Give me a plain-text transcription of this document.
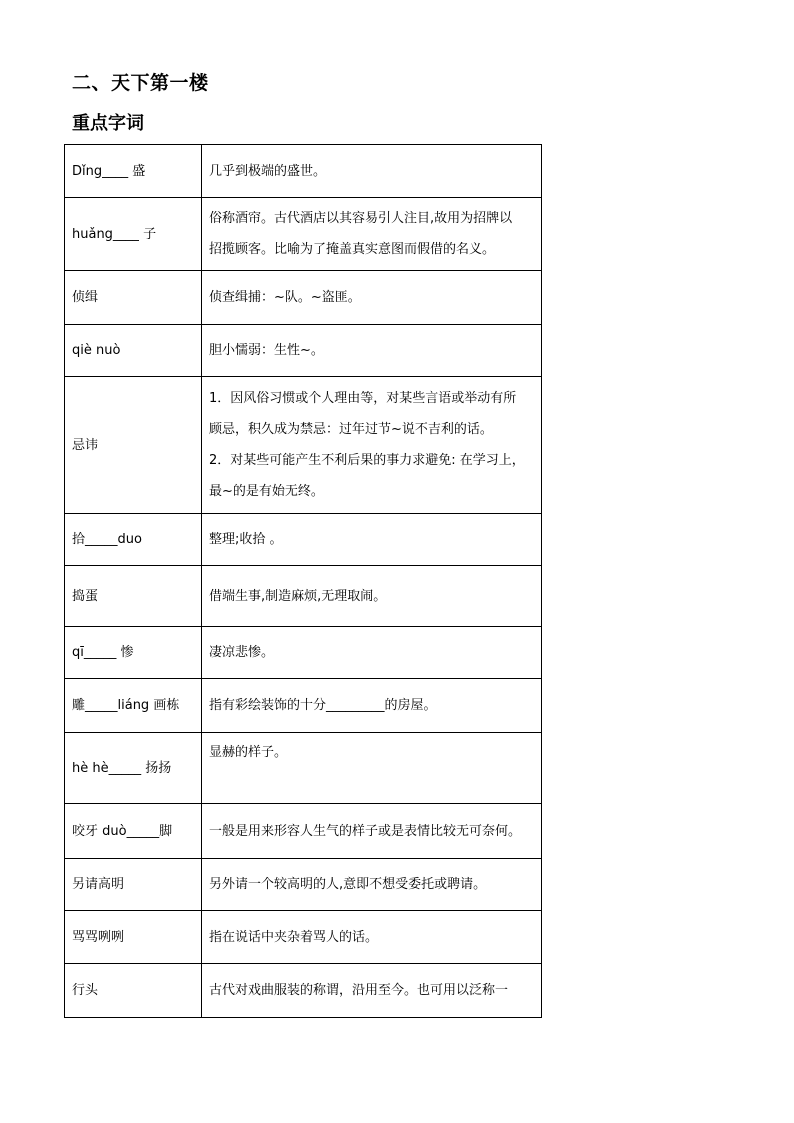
二、天下第一楼
重点字词
Dǐng____ 盛	几乎到极端的盛世。

huǎng____ 子	俗称酒帘。古代酒店以其容易引人注目,故用为招牌以
招揽顾客。比喻为了掩盖真实意图而假借的名义。

侦缉	侦查缉捕：~队。~盗匪。

qiè nuò	胆小懦弱：生性~。

忌讳	1．因风俗习惯或个人理由等，对某些言语或举动有所
顾忌，积久成为禁忌：过年过节~说不吉利的话。
2．对某些可能产生不利后果的事力求避免: 在学习上，
最~的是有始无终。

拾_____duo	整理;收拾 。

捣蛋	借端生事,制造麻烦,无理取闹。

qī_____ 惨	凄凉悲惨。

雕_____liáng 画栋	指有彩绘装饰的十分_________的房屋。

hè hè_____ 扬扬	显赫的样子。

咬牙 duò_____脚	一般是用来形容人生气的样子或是表情比较无可奈何。

另请高明	另外请一个较高明的人,意即不想受委托或聘请。

骂骂咧咧	指在说话中夹杂着骂人的话。

行头	古代对戏曲服装的称谓，沿用至今。也可用以泛称一
